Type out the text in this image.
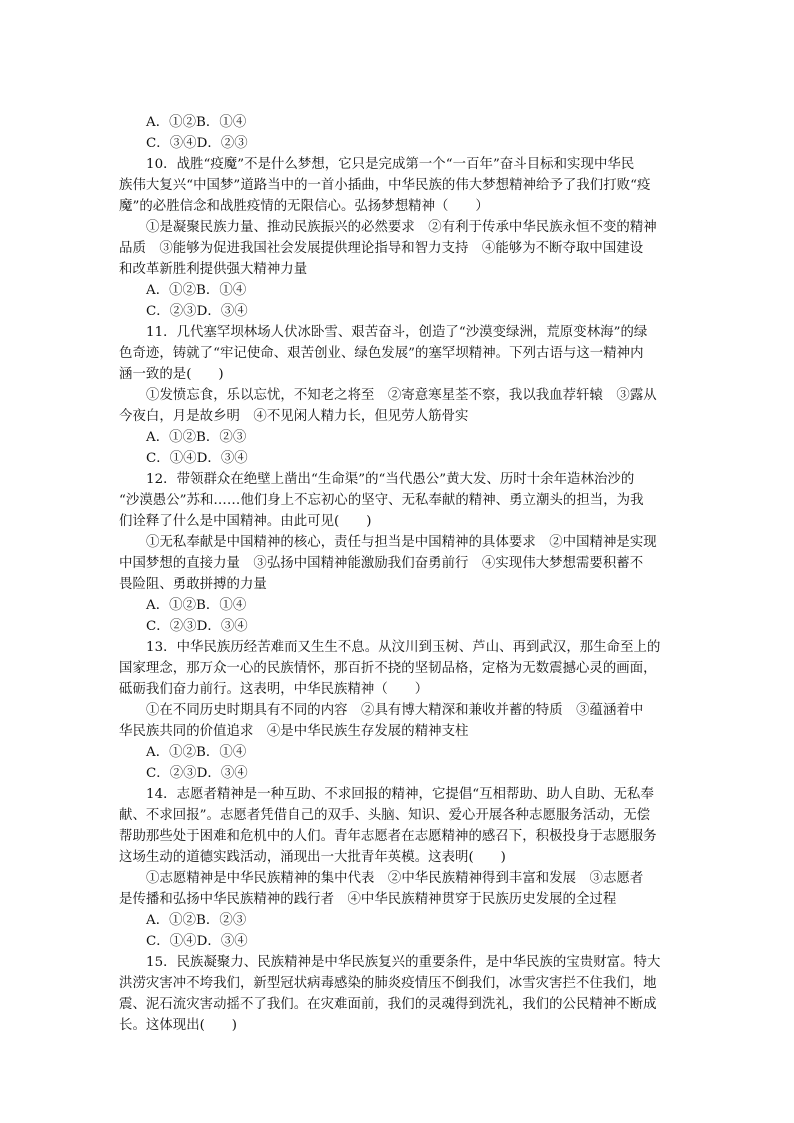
A．①②B．①④
C．③④D．②③
10．战胜“疫魔”不是什么梦想，它只是完成第一个“一百年”奋斗目标和实现中华民
族伟大复兴“中国梦”道路当中的一首小插曲，中华民族的伟大梦想精神给予了我们打败“疫
魔”的必胜信念和战胜疫情的无限信心。弘扬梦想精神（　　）
①是凝聚民族力量、推动民族振兴的必然要求　②有利于传承中华民族永恒不变的精神
品质　③能够为促进我国社会发展提供理论指导和智力支持　④能够为不断夺取中国建设
和改革新胜利提供强大精神力量
A．①②B．①④
C．②③D．③④
11．几代塞罕坝林场人伏冰卧雪、艰苦奋斗，创造了“沙漠变绿洲，荒原变林海”的绿
色奇迹，铸就了“牢记使命、艰苦创业、绿色发展”的塞罕坝精神。下列古语与这一精神内
涵一致的是(　　)
①发愤忘食，乐以忘忧，不知老之将至　②寄意寒星荃不察，我以我血荐轩辕　③露从
今夜白，月是故乡明　④不见闲人精力长，但见劳人筋骨实
A．①②B．②③
C．①④D．③④
12．带领群众在绝壁上凿出“生命渠”的“当代愚公”黄大发、历时十余年造林治沙的
“沙漠愚公”苏和……他们身上不忘初心的坚守、无私奉献的精神、勇立潮头的担当，为我
们诠释了什么是中国精神。由此可见(　　)
①无私奉献是中国精神的核心，责任与担当是中国精神的具体要求　②中国精神是实现
中国梦想的直接力量　③弘扬中国精神能激励我们奋勇前行　④实现伟大梦想需要积蓄不
畏险阻、勇敢拼搏的力量
A．①②B．①④
C．②③D．③④
13．中华民族历经苦难而又生生不息。从汶川到玉树、芦山、再到武汉，那生命至上的
国家理念，那万众一心的民族情怀，那百折不挠的坚韧品格，定格为无数震撼心灵的画面，
砥砺我们奋力前行。这表明，中华民族精神（　　）
①在不同历史时期具有不同的内容　②具有博大精深和兼收并蓄的特质　③蕴涵着中
华民族共同的价值追求　④是中华民族生存发展的精神支柱
A．①②B．①④
C．②③D．③④
14．志愿者精神是一种互助、不求回报的精神，它提倡“互相帮助、助人自助、无私奉
献、不求回报”。志愿者凭借自己的双手、头脑、知识、爱心开展各种志愿服务活动，无偿
帮助那些处于困难和危机中的人们。青年志愿者在志愿精神的感召下，积极投身于志愿服务
这场生动的道德实践活动，涌现出一大批青年英模。这表明(　　)
①志愿精神是中华民族精神的集中代表　②中华民族精神得到丰富和发展　③志愿者
是传播和弘扬中华民族精神的践行者　④中华民族精神贯穿于民族历史发展的全过程
A．①②B．②③
C．①④D．③④
15．民族凝聚力、民族精神是中华民族复兴的重要条件，是中华民族的宝贵财富。特大
洪涝灾害冲不垮我们，新型冠状病毒感染的肺炎疫情压不倒我们，冰雪灾害拦不住我们，地
震、泥石流灾害动摇不了我们。在灾难面前，我们的灵魂得到洗礼，我们的公民精神不断成
长。这体现出(　　)
